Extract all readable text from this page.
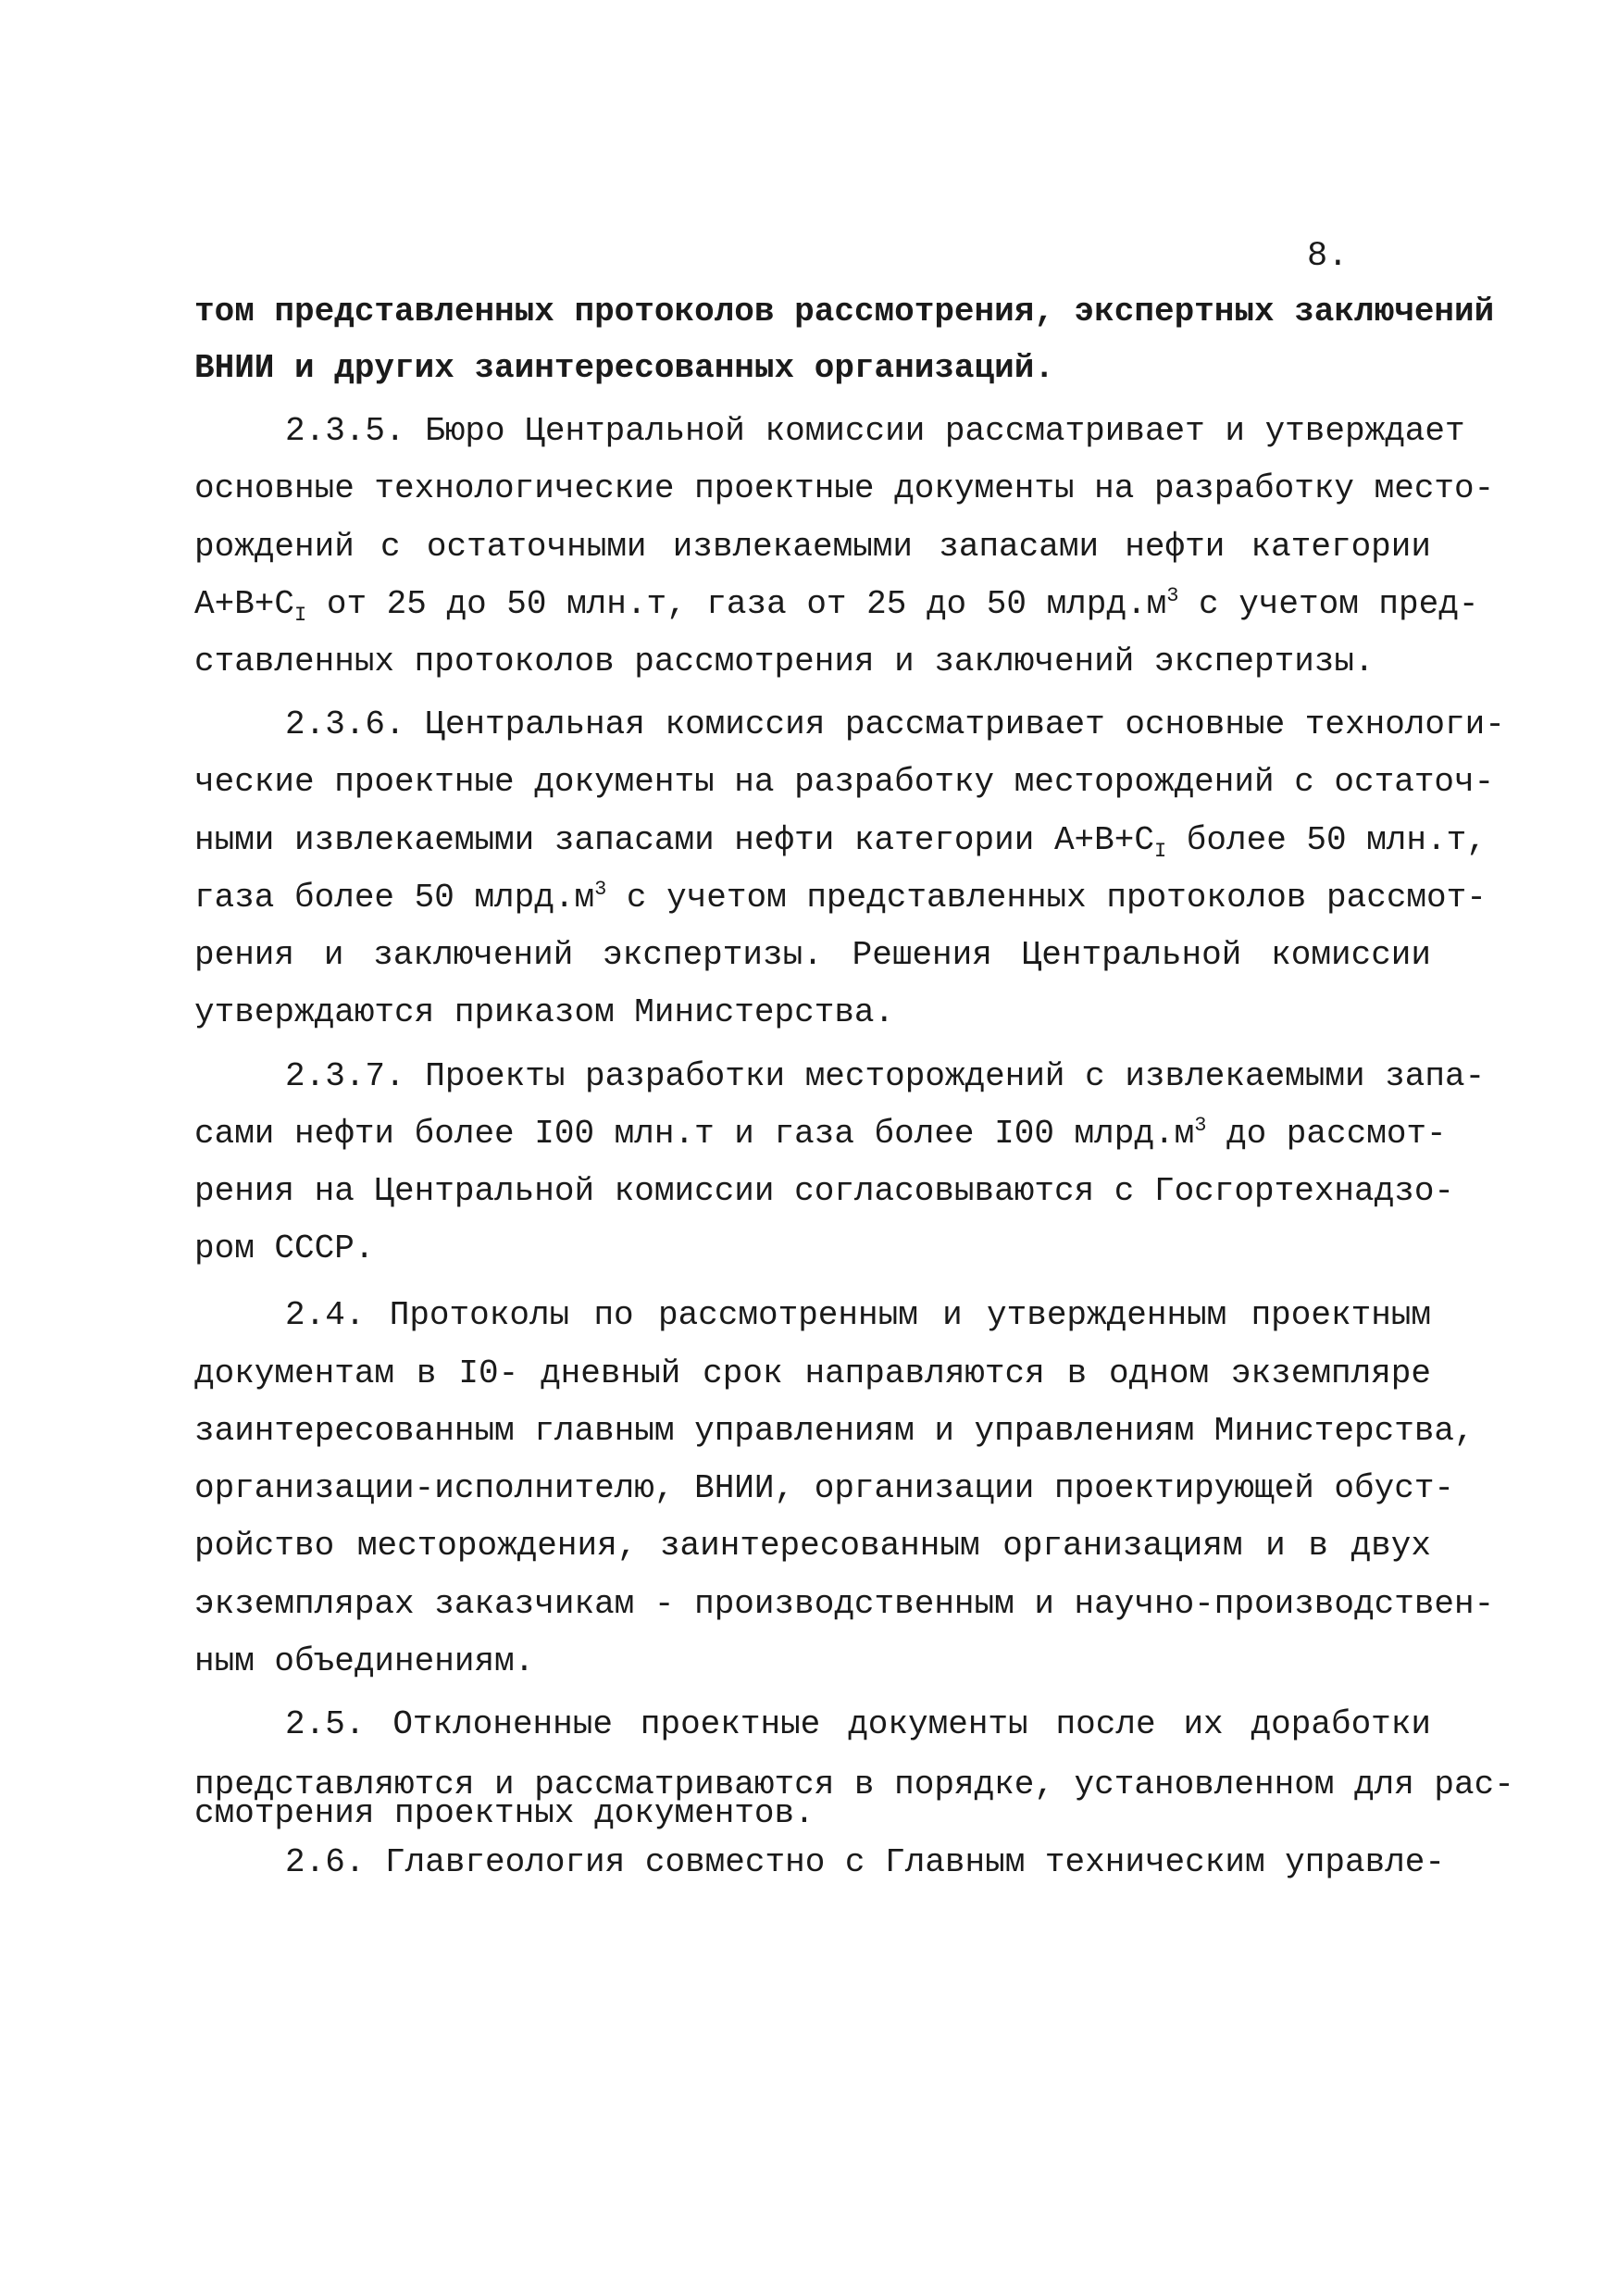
8.
том представленных протоколов рассмотрения, экспертных заключений
ВНИИ и других заинтересованных организаций.
2.3.5. Бюро Центральной комиссии рассматривает и утверждает
основные технологические проектные документы на разработку место-
рождений с остаточными извлекаемыми запасами нефти категории
$А+В+С_I$ от 25 до 50 млн.т, газа от 25 до 50 $млрд.м^3$ с учетом пред-
ставленных протоколов рассмотрения и заключений экспертизы.
2.3.6. Центральная комиссия рассматривает основные технологи-
ческие проектные документы на разработку месторождений с остаточ-
ными извлекаемыми запасами нефти категории $А+В+С_I$ более 50 млн.т,
газа более 50 $млрд.м^3$ с учетом представленных протоколов рассмот-
рения и заключений экспертизы. Решения Центральной комиссии
утверждаются приказом Министерства.
2.3.7. Проекты разработки месторождений с извлекаемыми запа-
сами нефти более I00 млн.т и газа более I00 $млрд.м^3$ до рассмот-
рения на Центральной комиссии согласовываются с Госгортехнадзо-
ром СССР.
2.4. Протоколы по рассмотренным и утвержденным проектным
документам в I0- дневный срок направляются в одном экземпляре
заинтересованным главным управлениям и управлениям Министерства,
организации-исполнителю, ВНИИ, организации проектирующей обуст-
ройство месторождения, заинтересованным организациям и в двух
экземплярах заказчикам - производственным и научно-производствен-
ным объединениям.
2.5. Отклоненные проектные документы после их доработки
представляются и рассматриваются в порядке, установленном для рас-
смотрения проектных документов.
2.6. Главгеология совместно с Главным техническим управле-
